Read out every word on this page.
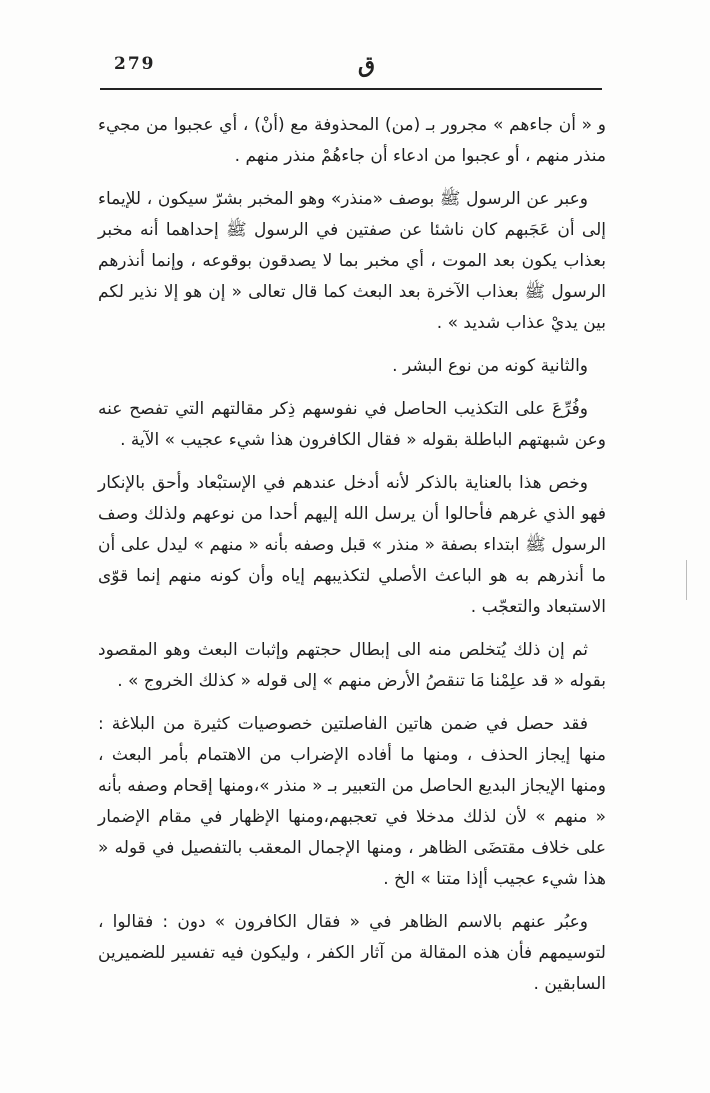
279	ق

و « أن جاءهم » مجرور بـ (من) المحذوفة مع (أنْ) ، أي عجبوا من مجيء منذر منهم ، أو عجبوا من ادعاء أن جاءهُمْ منذر منهم .

وعبر عن الرسول ﷺ بوصف «منذر» وهو المخبر بشرّ سيكون ، للإيماء إلى أن عَجَبهم كان ناشئا عن صفتين في الرسول ﷺ إحداهما أنه مخبر بعذاب يكون بعد الموت ، أي مخبر بما لا يصدقون بوقوعه ، وإنما أنذرهم الرسول ﷺ بعذاب الآخرة بعد البعث كما قال تعالى « إن هو إلا نذير لكم بين يديْ عذاب شديد » .

والثانية كونه من نوع البشر .

وفُرِّعَ على التكذيب الحاصل في نفوسهم ذِكر مقالتهم التي تفصح عنه وعن شبهتهم الباطلة بقوله « فقال الكافرون هذا شيء عجيب » الآية .

وخص هذا بالعناية بالذكر لأنه أدخل عندهم في الإستبْعاد وأحق بالإنكار فهو الذي غرهم فأحالوا أن يرسل الله إليهم أحدا من نوعهم ولذلك وصف الرسول ﷺ ابتداء بصفة « منذر » قبل وصفه بأنه « منهم » ليدل على أن ما أنذرهم به هو الباعث الأصلي لتكذيبهم إياه وأن كونه منهم إنما قوّى الاستبعاد والتعجّب .

ثم إن ذلك يُتخلص منه الى إبطال حجتهم وإثبات البعث وهو المقصود بقوله « قد علِمْنا مَا تنقصُ الأرض منهم » إلى قوله « كذلك الخروج » .

فقد حصل في ضمن هاتين الفاصلتين خصوصيات كثيرة من البلاغة : منها إيجاز الحذف ، ومنها ما أفاده الإضراب من الاهتمام بأمر البعث ، ومنها الإيجاز البديع الحاصل من التعبير بـ « منذر »،ومنها إقحام وصفه بأنه « منهم » لأن لذلك مدخلا في تعجبهم،ومنها الإظهار في مقام الإضمار على خلاف مقتضَى الظاهر ، ومنها الإجمال المعقب بالتفصيل في قوله « هذا شيء عجيب أإذا متنا » الخ .

وعبُر عنهم بالاسم الظاهر في « فقال الكافرون » دون : فقالوا ، لتوسيمهم فأن هذه المقالة من آثار الكفر ، وليكون فيه تفسير للضميرين السابقين .
